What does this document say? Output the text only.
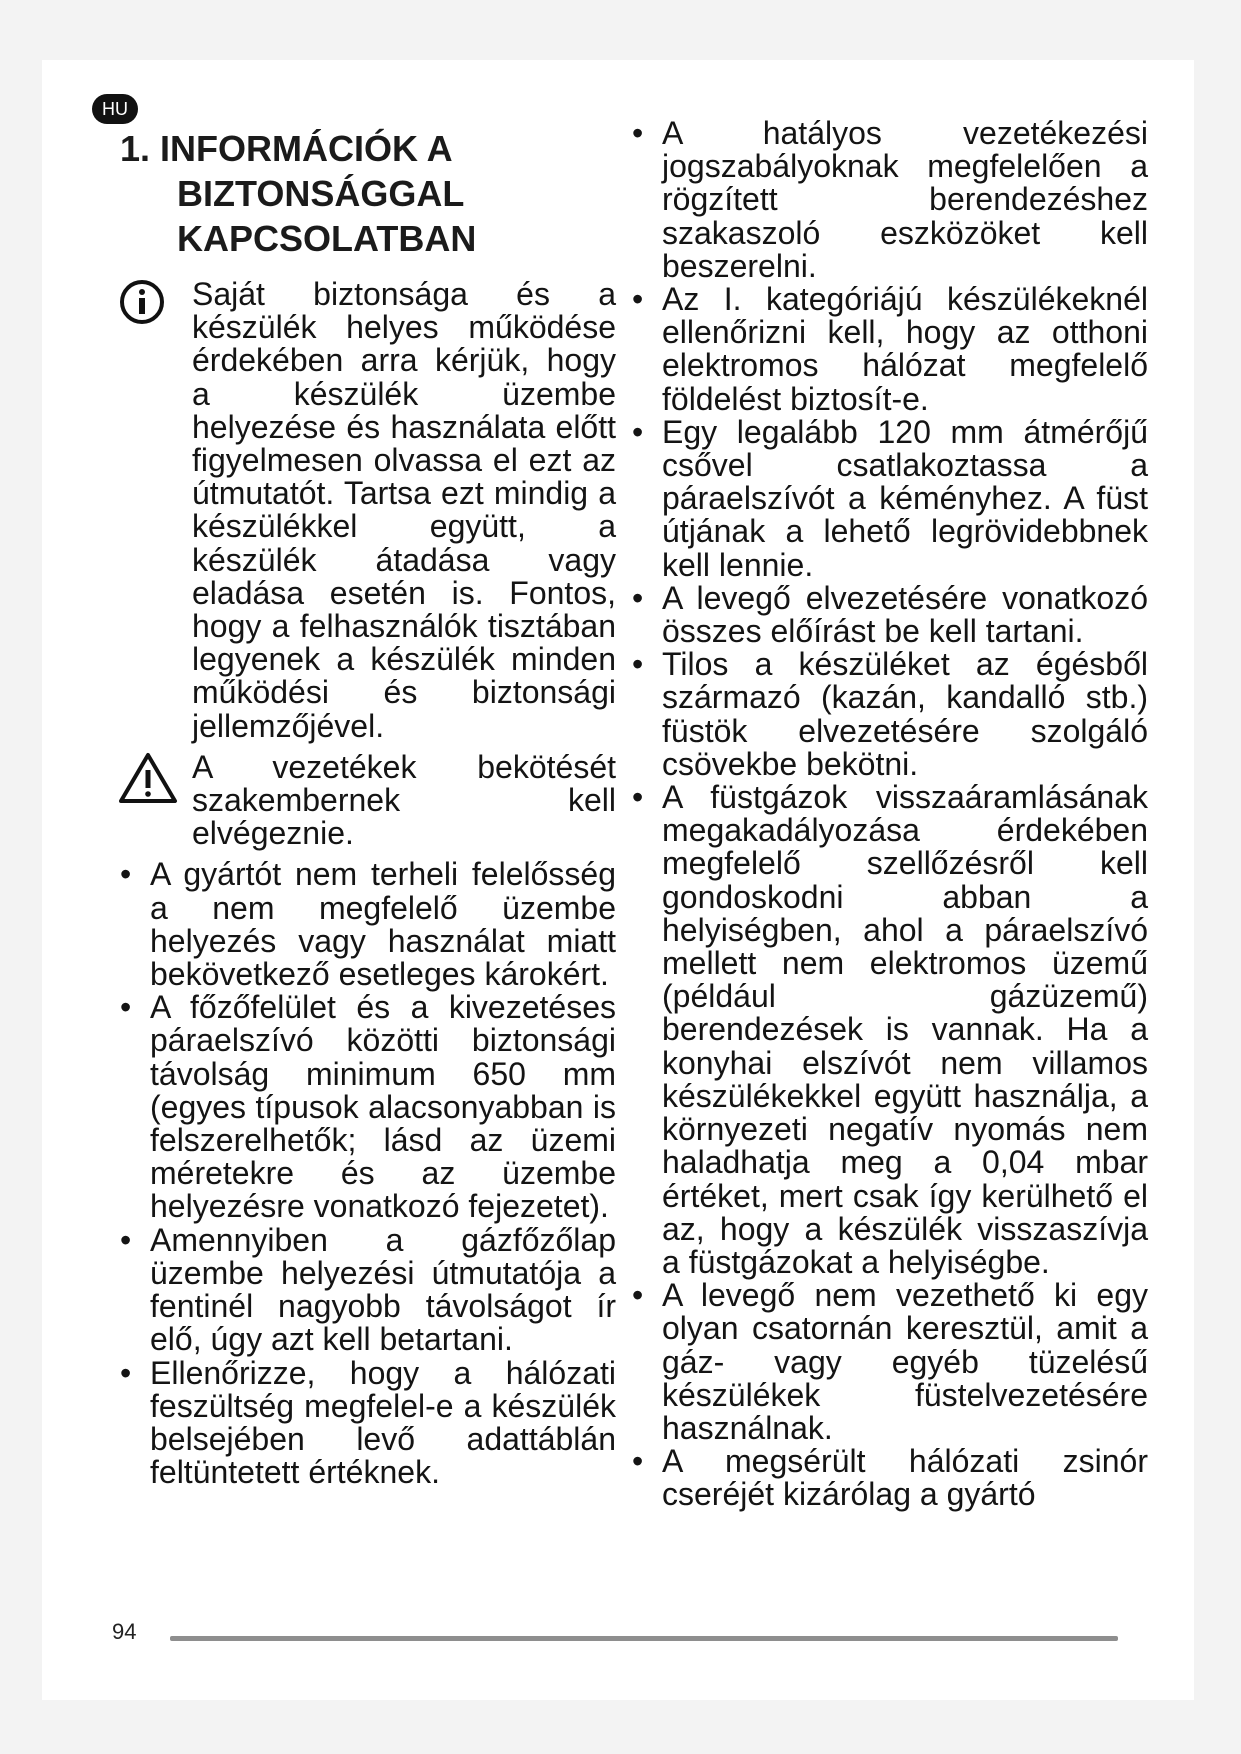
HU
1. INFORMÁCIÓK A
BIZTONSÁGGAL
KAPCSOLATBAN

Saját biztonsága és a készülék helyes működése érdekében arra kérjük, hogy a készülék üzembe helyezése és használata előtt figyelmesen olvassa el ezt az útmutatót. Tartsa ezt mindig a készülékkel együtt, a készülék átadása vagy eladása esetén is. Fontos, hogy a felhasználók tisztában legyenek a készülék minden működési és biztonsági jellemzőjével.

A vezetékek bekötését szakembernek kell elvégeznie.

• A gyártót nem terheli felelősség a nem megfelelő üzembe helyezés vagy használat miatt bekövetkező esetleges károkért.

• A főzőfelület és a kivezetéses páraelszívó közötti biztonsági távolság minimum 650 mm (egyes típusok alacsonyabban is felszerelhetők; lásd az üzemi méretekre és az üzembe helyezésre vonatkozó fejezetet).

• Amennyiben a gázfőzőlap üzembe helyezési útmutatója a fentinél nagyobb távolságot ír elő, úgy azt kell betartani.

• Ellenőrizze, hogy a hálózati feszültség megfelel-e a készülék belsejében levő adattáblán feltüntetett értéknek.

• A hatályos vezetékezési jogszabályoknak megfelelően a rögzített berendezéshez szakaszoló eszközöket kell beszerelni.

• Az I. kategóriájú készülékeknél ellenőrizni kell, hogy az otthoni elektromos hálózat megfelelő földelést biztosít-e.

• Egy legalább 120 mm átmérőjű csővel csatlakoztassa a páraelszívót a kéményhez. A füst útjának a lehető legrövidebbnek kell lennie.

• A levegő elvezetésére vonatkozó összes előírást be kell tartani.

• Tilos a készüléket az égésből származó (kazán, kandalló stb.) füstök elvezetésére szolgáló csövekbe bekötni.

• A füstgázok visszaáramlásának megakadályozása érdekében megfelelő szellőzésről kell gondoskodni abban a helyiségben, ahol a páraelszívó mellett nem elektromos üzemű (például gázüzemű) berendezések is vannak. Ha a konyhai elszívót nem villamos készülékekkel együtt használja, a környezeti negatív nyomás nem haladhatja meg a 0,04 mbar értéket, mert csak így kerülhető el az, hogy a készülék visszaszívja a füstgázokat a helyiségbe.

• A levegő nem vezethető ki egy olyan csatornán keresztül, amit a gáz- vagy egyéb tüzelésű készülékek füstelvezetésére használnak.

• A megsérült hálózati zsinór cseréjét kizárólag a gyártó

94
